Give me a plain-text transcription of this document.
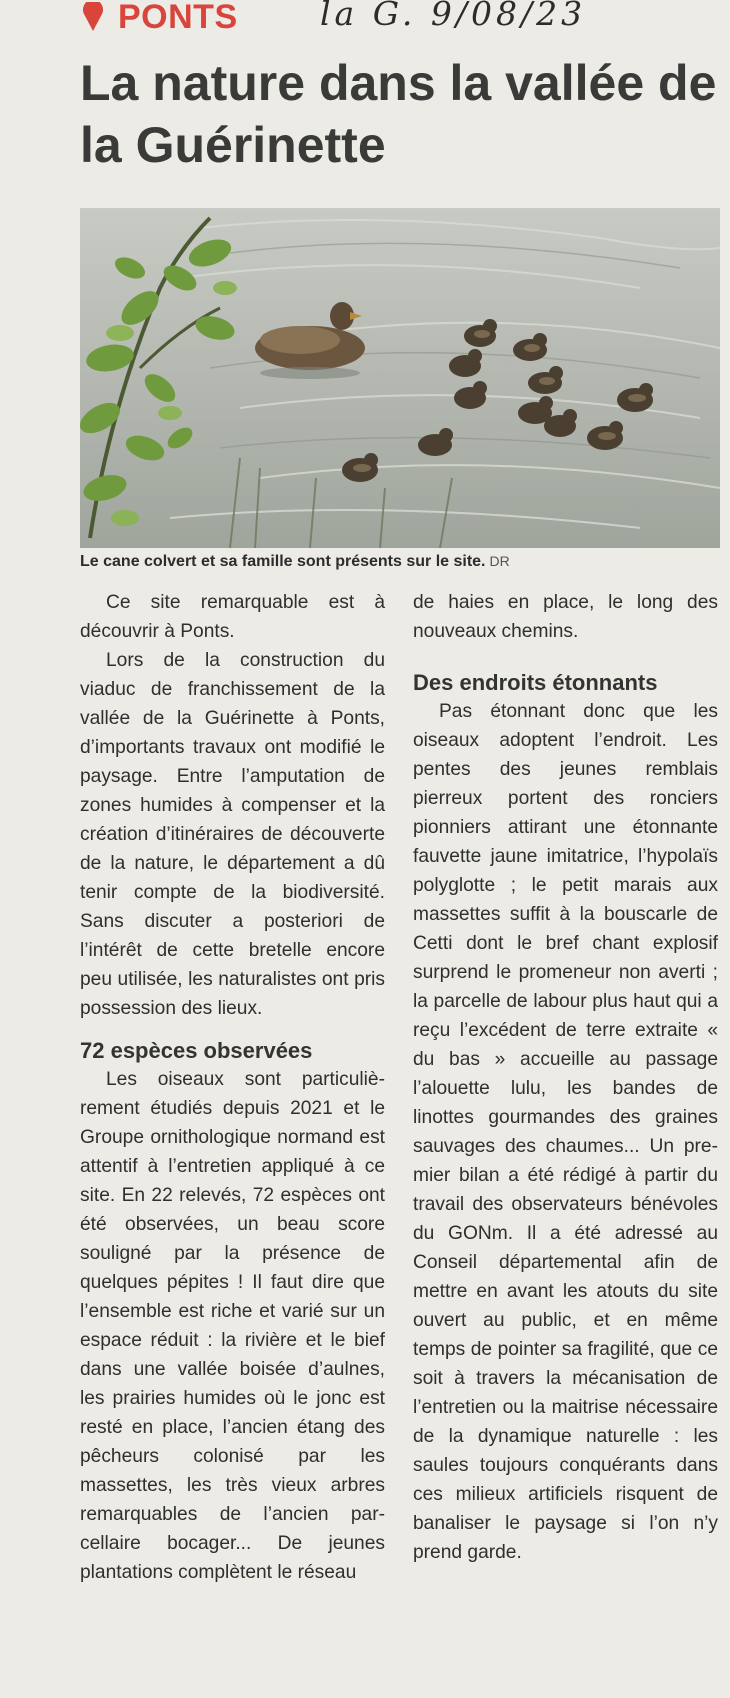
PONTS la G. 9/08/23
La nature dans la vallée de la Guérinette
Le cane colvert et sa famille sont présents sur le site. DR

Ce site remarquable est à découvrir à Ponts.

Lors de la construction du viaduc de franchissement de la vallée de la Guérinette à Ponts, d’importants travaux ont modifié le paysage. Entre l’amputation de zones humides à compenser et la création d’itinéraires de découverte de la nature, le département a dû tenir compte de la biodiversité. Sans discuter a posteriori de l’intérêt de cette bretelle encore peu utilisée, les naturalistes ont pris possession des lieux.

72 espèces observées

Les oiseaux sont particulièrement étudiés depuis 2021 et le Groupe ornithologique normand est attentif à l’entretien appliqué à ce site. En 22 relevés, 72 espèces ont été observées, un beau score souligné par la présence de quelques pépites ! Il faut dire que l’ensemble est riche et varié sur un espace réduit : la rivière et le bief dans une vallée boisée d’aulnes, les prairies humides où le jonc est resté en place, l’ancien étang des pêcheurs colonisé par les massettes, les très vieux arbres remarquables de l’ancien parcellaire bocager... De jeunes plantations complètent le réseau

de haies en place, le long des nouveaux chemins.

Des endroits étonnants

Pas étonnant donc que les oiseaux adoptent l’endroit. Les pentes des jeunes remblais pierreux portent des ronciers pionniers attirant une étonnante fauvette jaune imitatrice, l’hypolaïs polyglotte ; le petit marais aux massettes suffit à la bouscarle de Cetti dont le bref chant explosif surprend le promeneur non averti ; la parcelle de labour plus haut qui a reçu l’excédent de terre extraite « du bas » accueille au passage l’alouette lulu, les bandes de linottes gourmandes des graines sauvages des chaumes... Un premier bilan a été rédigé à partir du travail des observateurs bénévoles du GONm. Il a été adressé au Conseil départemental afin de mettre en avant les atouts du site ouvert au public, et en même temps de pointer sa fragilité, que ce soit à travers la mécanisation de l’entretien ou la maitrise nécessaire de la dynamique naturelle : les saules toujours conquérants dans ces milieux artificiels risquent de banaliser le paysage si l’on n’y prend garde.
